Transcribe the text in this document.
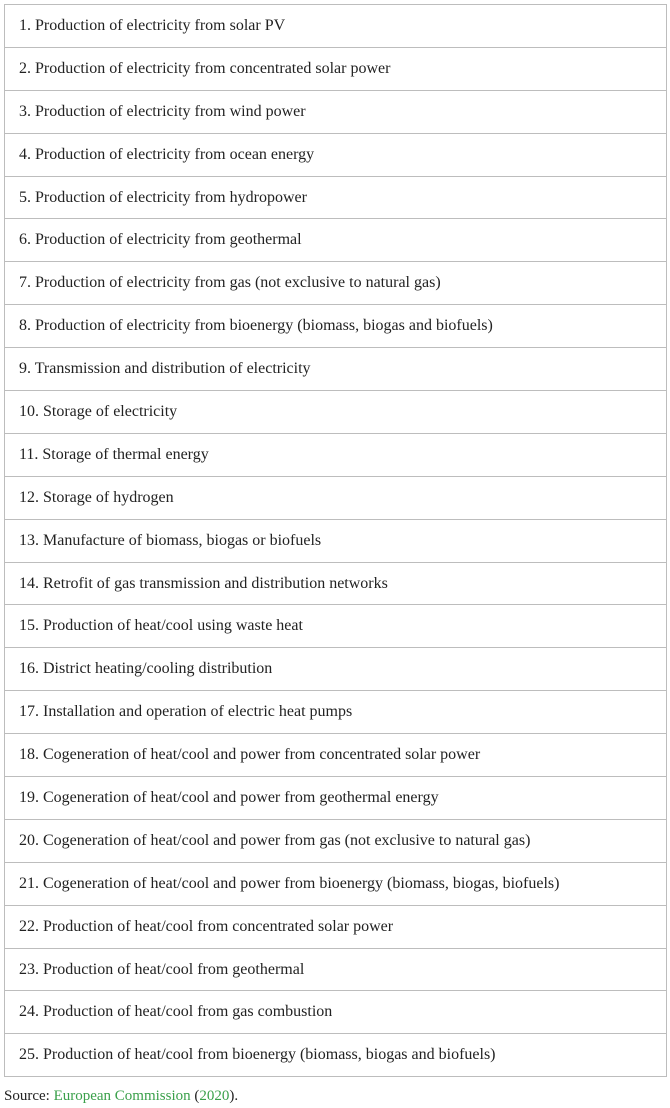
1. Production of electricity from solar PV
2. Production of electricity from concentrated solar power
3. Production of electricity from wind power
4. Production of electricity from ocean energy
5. Production of electricity from hydropower
6. Production of electricity from geothermal
7. Production of electricity from gas (not exclusive to natural gas)
8. Production of electricity from bioenergy (biomass, biogas and biofuels)
9. Transmission and distribution of electricity
10. Storage of electricity
11. Storage of thermal energy
12. Storage of hydrogen
13. Manufacture of biomass, biogas or biofuels
14. Retrofit of gas transmission and distribution networks
15. Production of heat/cool using waste heat
16. District heating/cooling distribution
17. Installation and operation of electric heat pumps
18. Cogeneration of heat/cool and power from concentrated solar power
19. Cogeneration of heat/cool and power from geothermal energy
20. Cogeneration of heat/cool and power from gas (not exclusive to natural gas)
21. Cogeneration of heat/cool and power from bioenergy (biomass, biogas, biofuels)
22. Production of heat/cool from concentrated solar power
23. Production of heat/cool from geothermal
24. Production of heat/cool from gas combustion
25. Production of heat/cool from bioenergy (biomass, biogas and biofuels)
Source: European Commission (2020).
